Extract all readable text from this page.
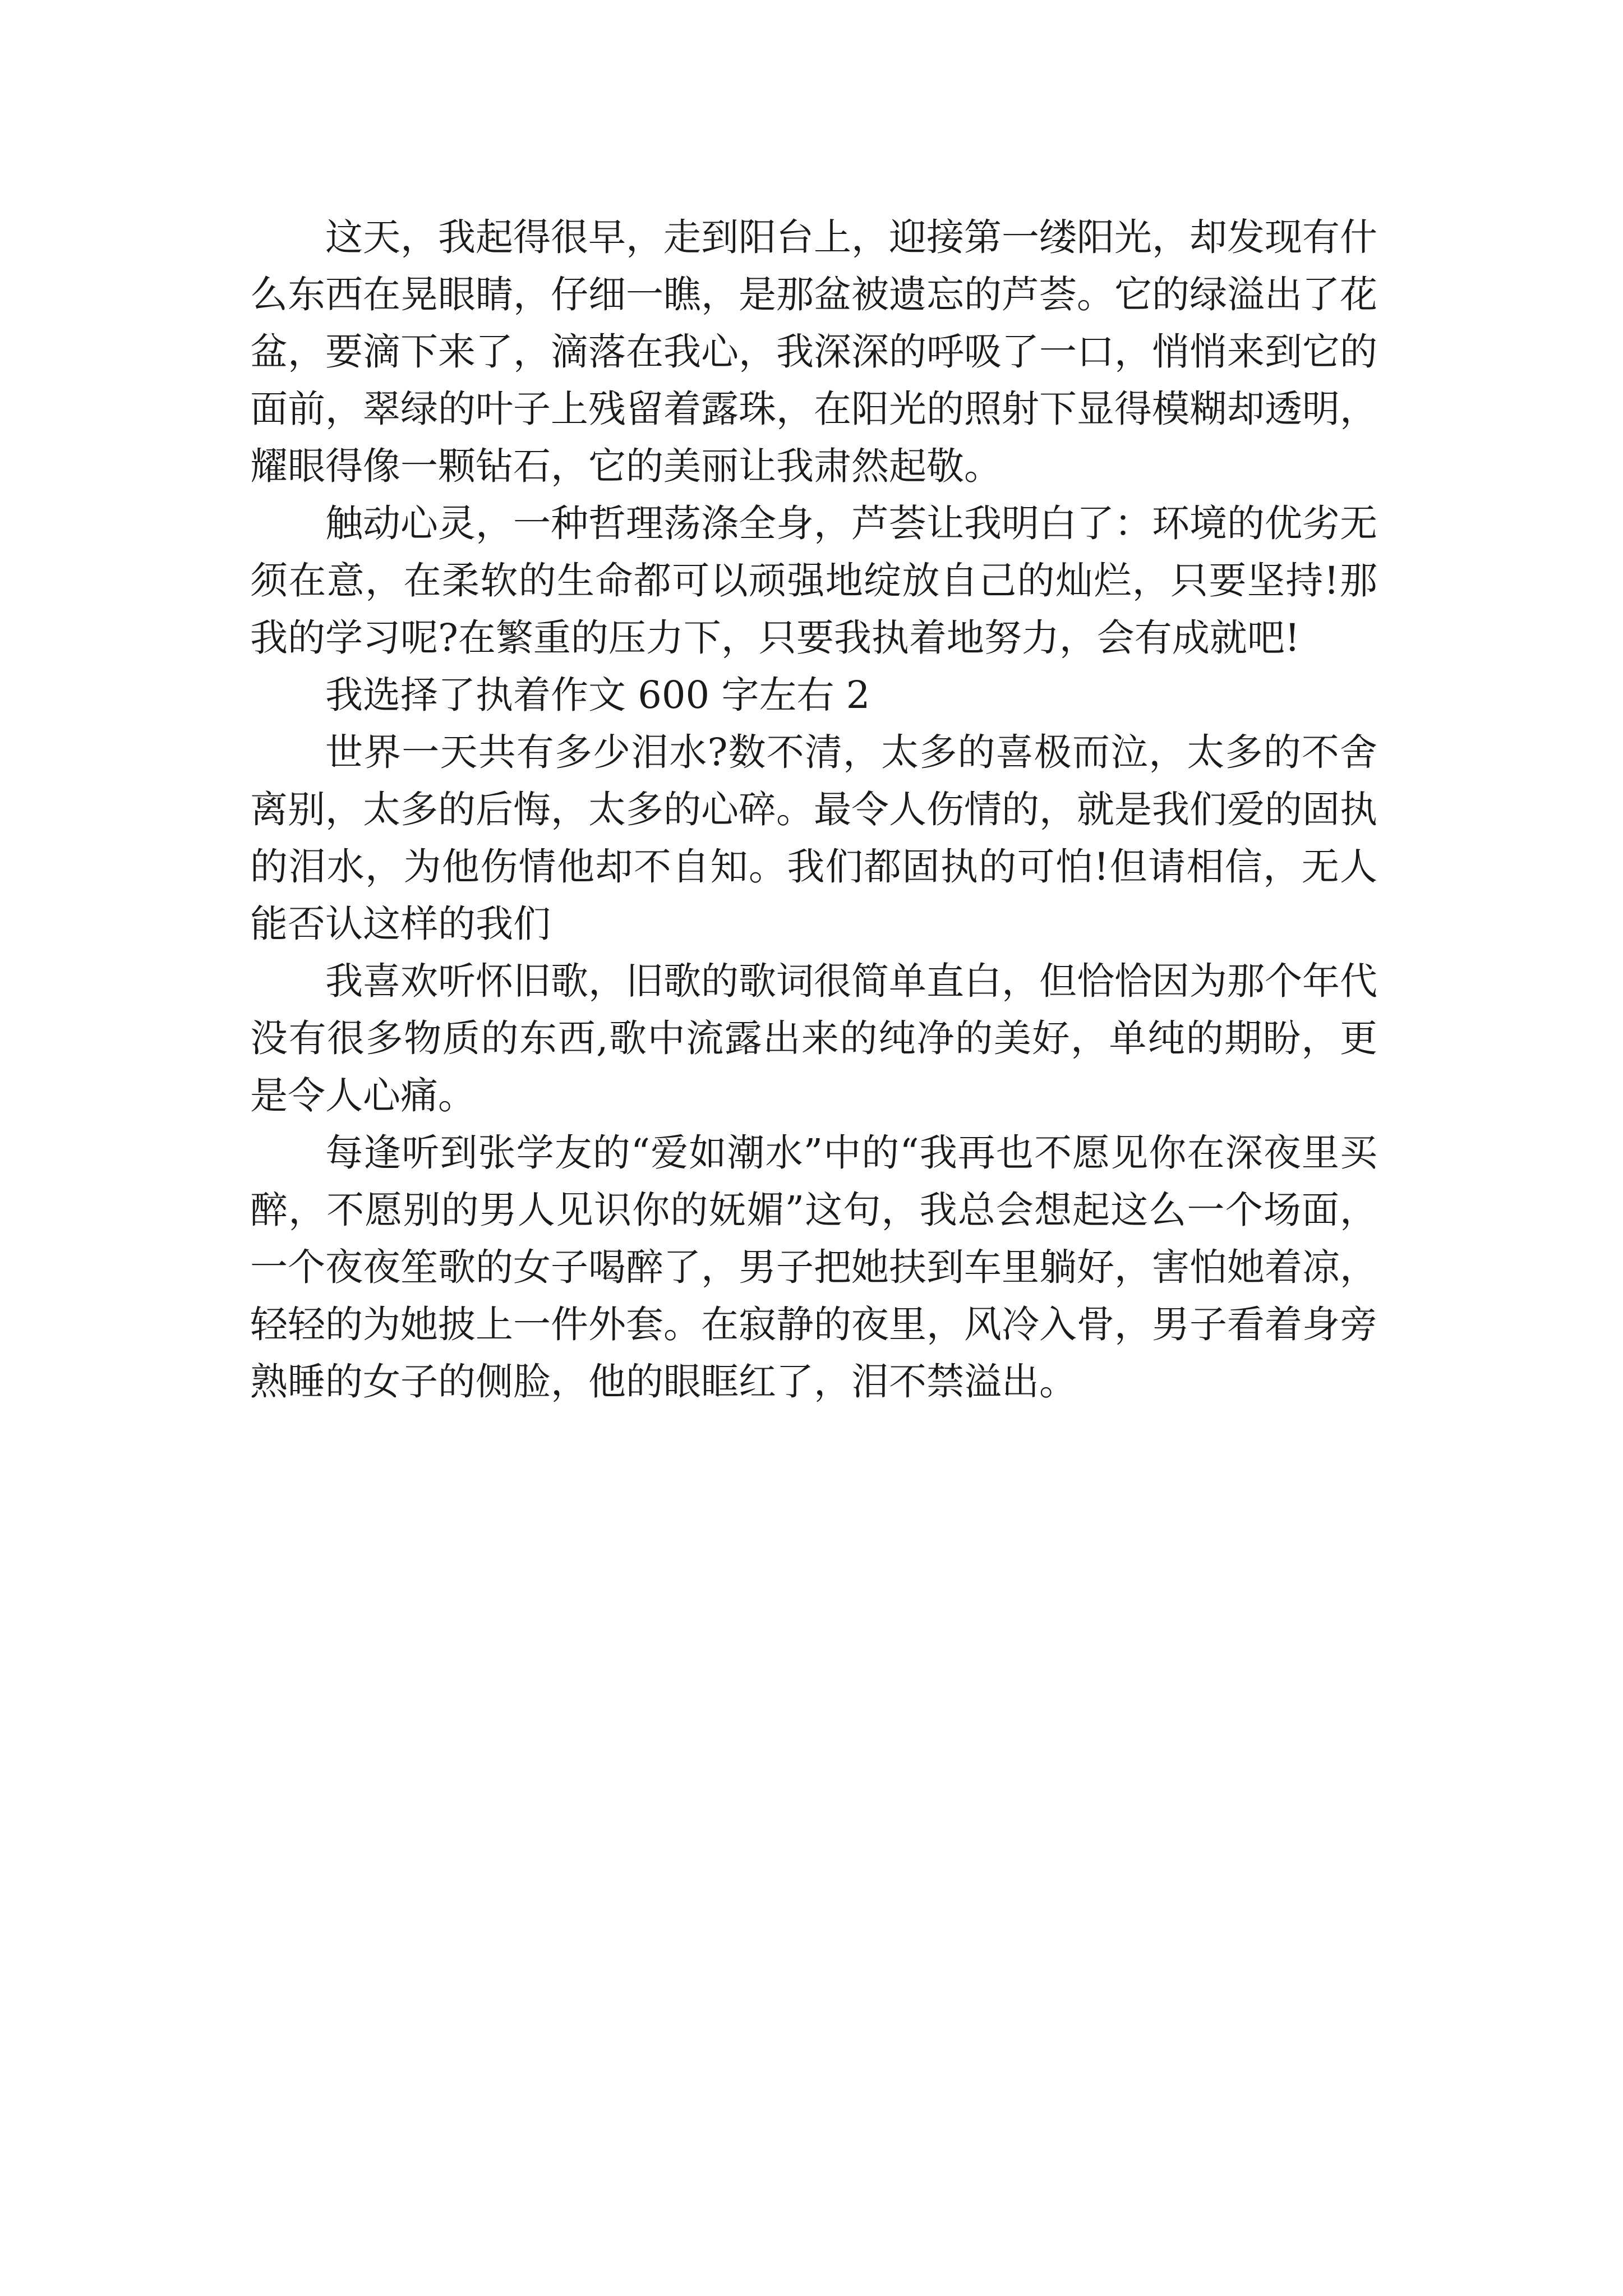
这天，我起得很早，走到阳台上，迎接第一缕阳光，却发现有什么东西在晃眼睛，仔细一瞧，是那盆被遗忘的芦荟。它的绿溢出了花盆，要滴下来了，滴落在我心，我深深的呼吸了一口，悄悄来到它的面前，翠绿的叶子上残留着露珠，在阳光的照射下显得模糊却透明，耀眼得像一颗钻石，它的美丽让我肃然起敬。

触动心灵，一种哲理荡涤全身，芦荟让我明白了：环境的优劣无须在意，在柔软的生命都可以顽强地绽放自己的灿烂，只要坚持!那我的学习呢?在繁重的压力下，只要我执着地努力，会有成就吧!

我选择了执着作文 600 字左右 2

世界一天共有多少泪水?数不清，太多的喜极而泣，太多的不舍离别，太多的后悔，太多的心碎。最令人伤情的，就是我们爱的固执的泪水，为他伤情他却不自知。我们都固执的可怕!但请相信，无人能否认这样的我们

我喜欢听怀旧歌，旧歌的歌词很简单直白，但恰恰因为那个年代没有很多物质的东西,歌中流露出来的纯净的美好，单纯的期盼，更是令人心痛。

每逢听到张学友的“爱如潮水”中的“我再也不愿见你在深夜里买醉，不愿别的男人见识你的妩媚”这句，我总会想起这么一个场面，一个夜夜笙歌的女子喝醉了，男子把她扶到车里躺好，害怕她着凉，轻轻的为她披上一件外套。在寂静的夜里，风冷入骨，男子看着身旁熟睡的女子的侧脸，他的眼眶红了，泪不禁溢出。
